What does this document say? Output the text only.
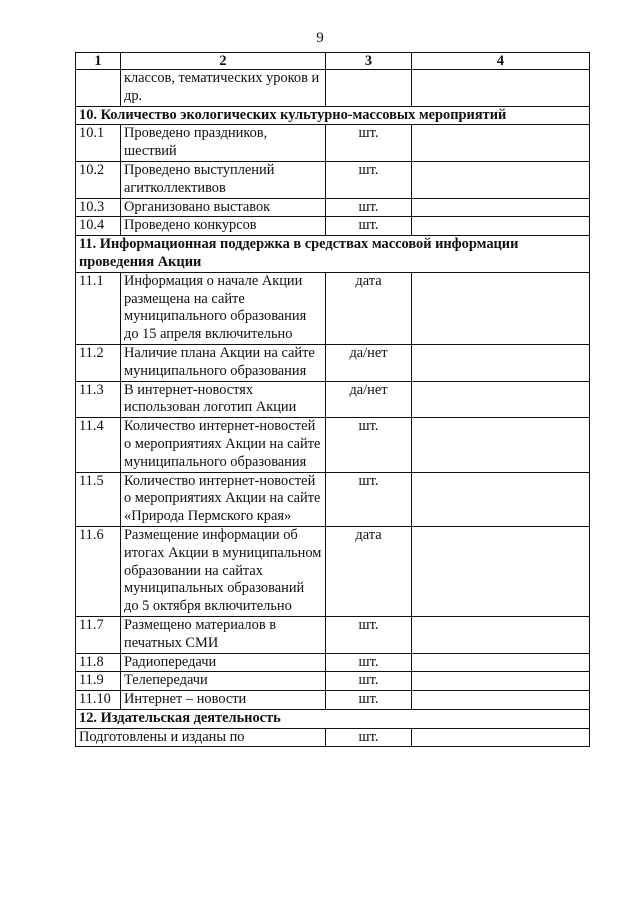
9
1	2	3	4
	классов, тематических уроков и др.		
10. Количество экологических культурно-массовых мероприятий			
10.1	Проведено праздников, шествий	шт.	
10.2	Проведено выступлений агитколлективов	шт.	
10.3	Организовано выставок	шт.	
10.4	Проведено конкурсов	шт.	
11. Информационная поддержка в средствах массовой информации проведения Акции			
11.1	Информация о начале Акции размещена на сайте муниципального образования до 15 апреля включительно	дата	
11.2	Наличие плана Акции на сайте муниципального образования	да/нет	
11.3	В интернет-новостях использован логотип Акции	да/нет	
11.4	Количество интернет-новостей о мероприятиях Акции на сайте муниципального образования	шт.	
11.5	Количество интернет-новостей о мероприятиях Акции на сайте «Природа Пермского края»	шт.	
11.6	Размещение информации об итогах Акции в муниципальном образовании на сайтах муниципальных образований до 5 октября включительно	дата	
11.7	Размещено материалов в печатных СМИ	шт.	
11.8	Радиопередачи	шт.	
11.9	Телепередачи	шт.	
11.10	Интернет – новости	шт.	
12. Издательская деятельность			
Подготовлены и изданы по		шт.	
